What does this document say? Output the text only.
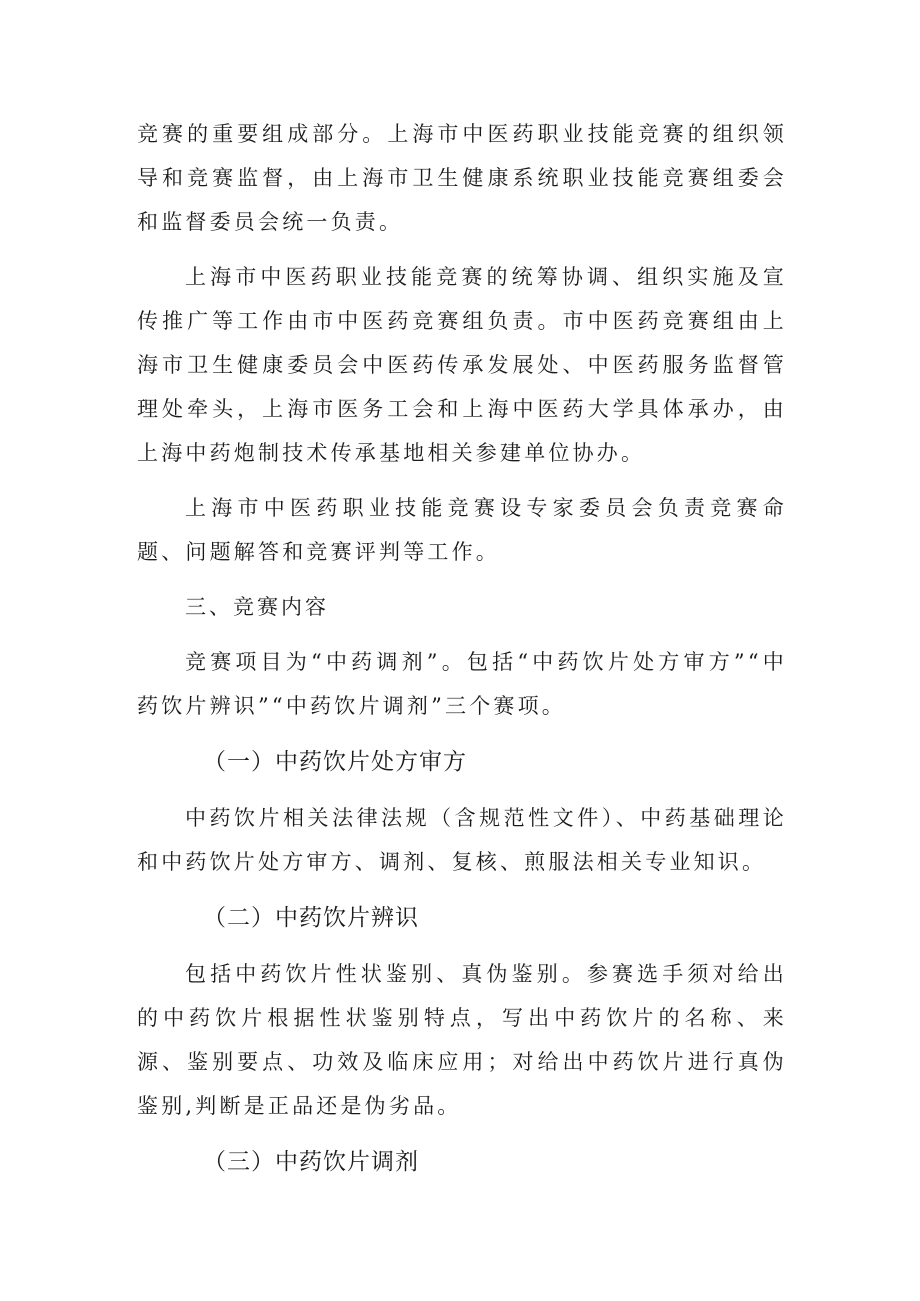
竞赛的重要组成部分。上海市中医药职业技能竞赛的组织领导和竞赛监督，由上海市卫生健康系统职业技能竞赛组委会和监督委员会统一负责。

上海市中医药职业技能竞赛的统筹协调、组织实施及宣传推广等工作由市中医药竞赛组负责。市中医药竞赛组由上海市卫生健康委员会中医药传承发展处、中医药服务监督管理处牵头，上海市医务工会和上海中医药大学具体承办，由上海中药炮制技术传承基地相关参建单位协办。

上海市中医药职业技能竞赛设专家委员会负责竞赛命题、问题解答和竞赛评判等工作。

三、竞赛内容

竞赛项目为“中药调剂”。包括“中药饮片处方审方”“中药饮片辨识”“中药饮片调剂”三个赛项。

（一）中药饮片处方审方

中药饮片相关法律法规（含规范性文件）、中药基础理论和中药饮片处方审方、调剂、复核、煎服法相关专业知识。

（二）中药饮片辨识

包括中药饮片性状鉴别、真伪鉴别。参赛选手须对给出的中药饮片根据性状鉴别特点，写出中药饮片的名称、来源、鉴别要点、功效及临床应用；对给出中药饮片进行真伪鉴别,判断是正品还是伪劣品。

（三）中药饮片调剂
